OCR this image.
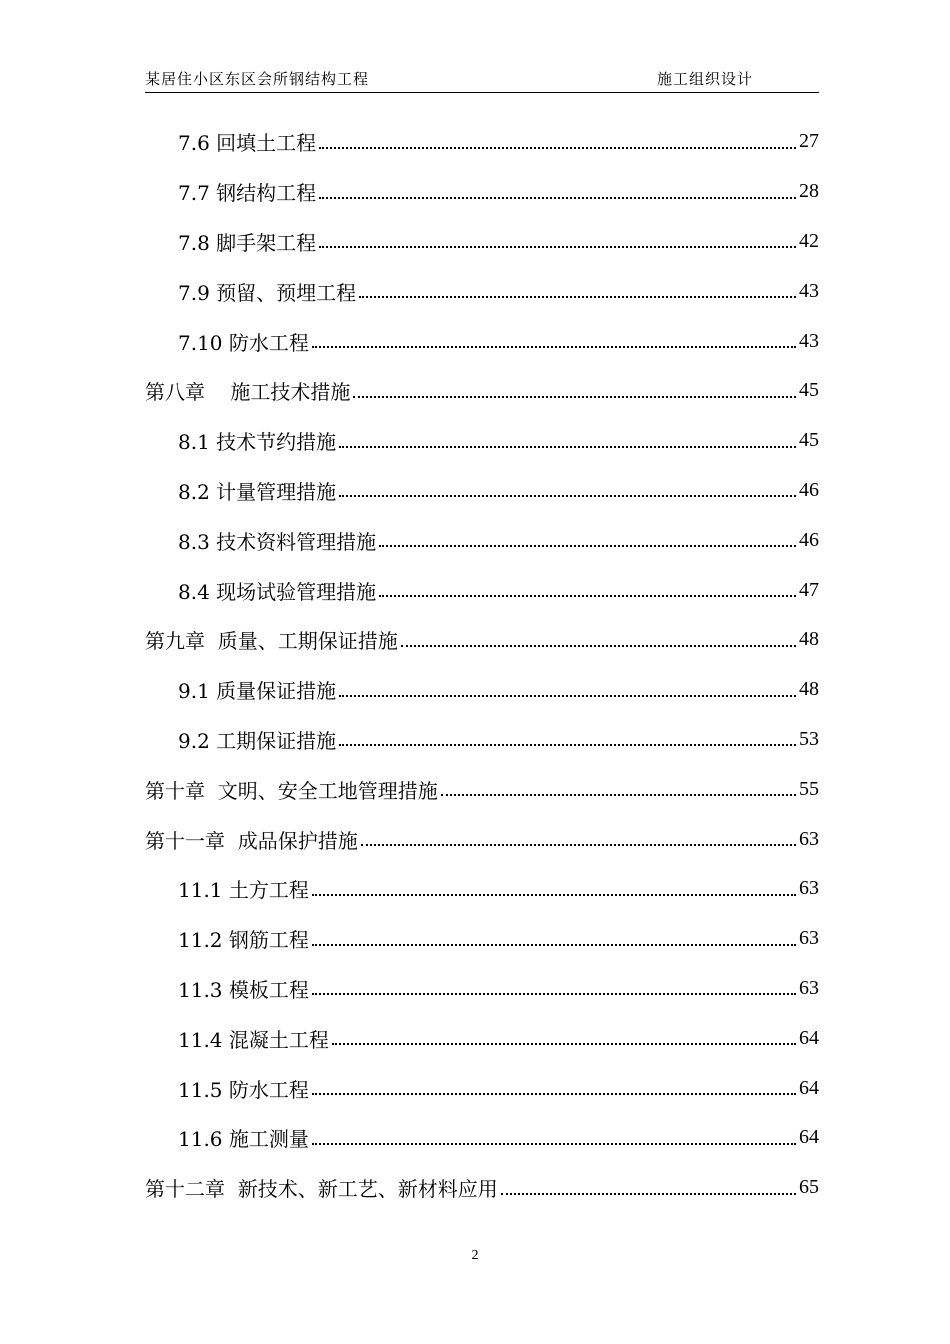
某居住小区东区会所钢结构工程	施工组织设计
7.6 回填土工程	27
7.7 钢结构工程	28
7.8 脚手架工程	42
7.9 预留、预埋工程	43
7.10 防水工程	43
第八章    施工技术措施	45
8.1 技术节约措施	45
8.2 计量管理措施	46
8.3 技术资料管理措施	46
8.4 现场试验管理措施	47
第九章  质量、工期保证措施	48
9.1 质量保证措施	48
9.2 工期保证措施	53
第十章  文明、安全工地管理措施	55
第十一章  成品保护措施	63
11.1 土方工程	63
11.2 钢筋工程	63
11.3 模板工程	63
11.4 混凝土工程	64
11.5 防水工程	64
11.6 施工测量	64
第十二章  新技术、新工艺、新材料应用	65
2
